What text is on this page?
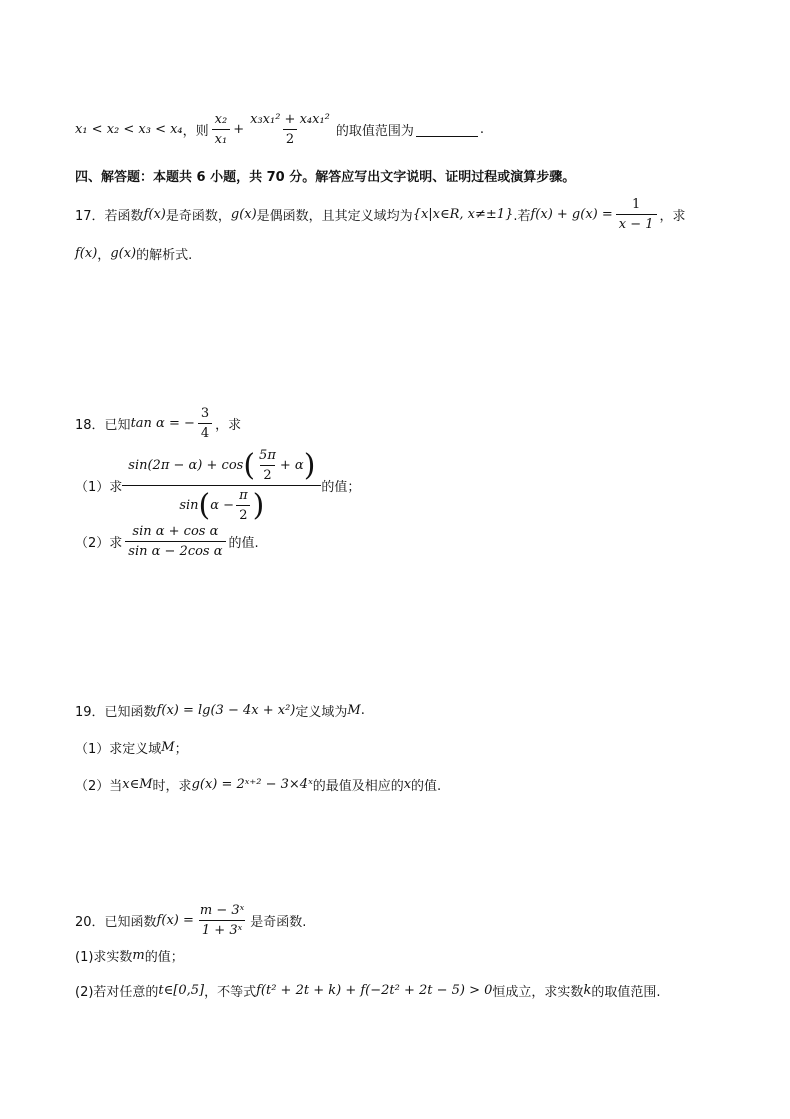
x₁ < x₂ < x₃ < x₄ ，则 $\frac{\text{x₂}}{\text{x₁}} + \frac{\text{x₃x₁² + x₄x₁²}}{2}$ 的取值范围为	.
四、解答题：本题共 6 小题，共 70 分。解答应写出文字说明、证明过程或演算步骤。
17． 若函数 f(x) 是奇函数， g(x) 是偶函数，且其定义域均为 {x|x∈R, x≠±1} .若 $f(x) + g(x) = \frac{1}{x - 1}$ ，求
f(x) ， g(x) 的解析式.
18． 已知 tan α = − $\frac{3}{4}$ ，求
（1）求
sin(2π − α) + cos ( $\frac{5\pi}{2} + \alpha$ )
sin ( $\alpha - \frac{\pi}{2}$ )	的值；
（2）求 $\frac{\text{sin α + cos α}}{\text{sin α − 2cos α}}$ 的值.
19． 已知函数 f(x) = lg(3 − 4x + x²) 定义域为 M .
（1）求定义域 M ；
（2）当 x∈M 时，求 g(x) = 2ˣ⁺² − 3×4ˣ 的最值及相应的 x 的值.
20． 已知函数 $f(x) = \frac{\text{m − 3ˣ}}{\text{1 + 3ˣ}}$ 是奇函数.
(1)求实数 m 的值；
(2)若对任意的 t∈[0,5] ，不等式 f(t² + 2t + k) + f(−2t² + 2t − 5) > 0 恒成立，求实数 k 的取值范围.
